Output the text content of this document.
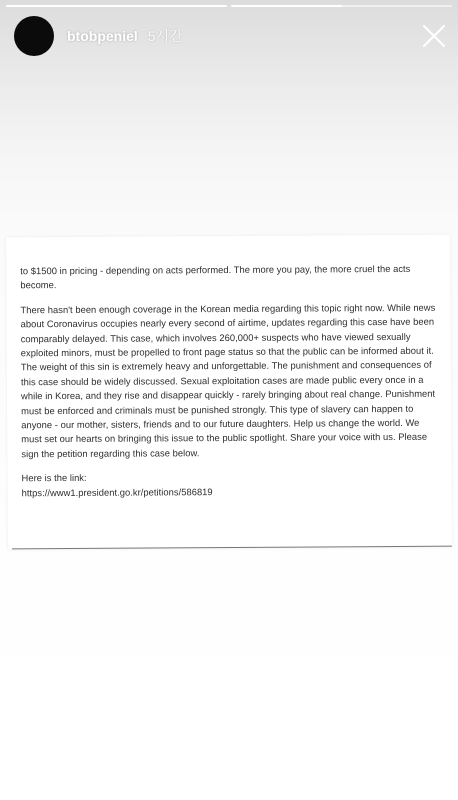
btobpeniel 5시간

to $1500 in pricing - depending on acts performed. The more you pay, the more cruel the acts become.

There hasn't been enough coverage in the Korean media regarding this topic right now. While news about Coronavirus occupies nearly every second of airtime, updates regarding this case have been comparably delayed. This case, which involves 260,000+ suspects who have viewed sexually exploited minors, must be propelled to front page status so that the public can be informed about it. The weight of this sin is extremely heavy and unforgettable. The punishment and consequences of this case should be widely discussed. Sexual exploitation cases are made public every once in a while in Korea, and they rise and disappear quickly - rarely bringing about real change. Punishment must be enforced and criminals must be punished strongly. This type of slavery can happen to anyone - our mother, sisters, friends and to our future daughters. Help us change the world. We must set our hearts on bringing this issue to the public spotlight. Share your voice with us. Please sign the petition regarding this case below.

Here is the link:

https://www1.president.go.kr/petitions/586819
